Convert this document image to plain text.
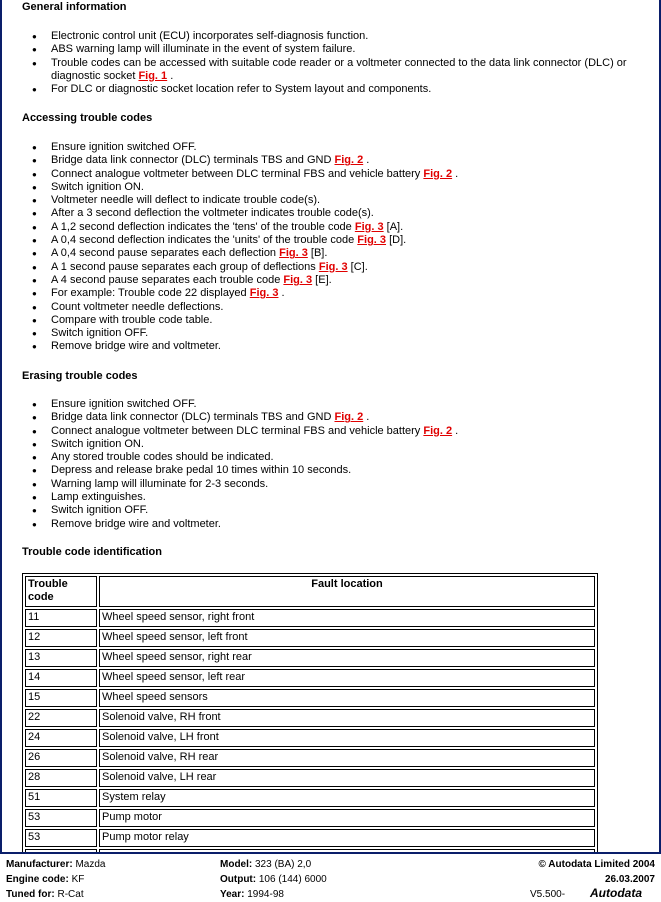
General information
● Electronic control unit (ECU) incorporates self-diagnosis function.
● ABS warning lamp will illuminate in the event of system failure.
● Trouble codes can be accessed with suitable code reader or a voltmeter connected to the data link connector (DLC) or diagnostic socket Fig. 1 .
● For DLC or diagnostic socket location refer to System layout and components.
Accessing trouble codes
● Ensure ignition switched OFF.
● Bridge data link connector (DLC) terminals TBS and GND Fig. 2 .
● Connect analogue voltmeter between DLC terminal FBS and vehicle battery Fig. 2 .
● Switch ignition ON.
● Voltmeter needle will deflect to indicate trouble code(s).
● After a 3 second deflection the voltmeter indicates trouble code(s).
● A 1,2 second deflection indicates the 'tens' of the trouble code Fig. 3 [A].
● A 0,4 second deflection indicates the 'units' of the trouble code Fig. 3 [D].
● A 0,4 second pause separates each deflection Fig. 3 [B].
● A 1 second pause separates each group of deflections Fig. 3 [C].
● A 4 second pause separates each trouble code Fig. 3 [E].
● For example: Trouble code 22 displayed Fig. 3 .
● Count voltmeter needle deflections.
● Compare with trouble code table.
● Switch ignition OFF.
● Remove bridge wire and voltmeter.
Erasing trouble codes
● Ensure ignition switched OFF.
● Bridge data link connector (DLC) terminals TBS and GND Fig. 2 .
● Connect analogue voltmeter between DLC terminal FBS and vehicle battery Fig. 2 .
● Switch ignition ON.
● Any stored trouble codes should be indicated.
● Depress and release brake pedal 10 times within 10 seconds.
● Warning lamp will illuminate for 2-3 seconds.
● Lamp extinguishes.
● Switch ignition OFF.
● Remove bridge wire and voltmeter.
Trouble code identification
Trouble code	Fault location
11	Wheel speed sensor, right front
12	Wheel speed sensor, left front
13	Wheel speed sensor, right rear
14	Wheel speed sensor, left rear
15	Wheel speed sensors
22	Solenoid valve, RH front
24	Solenoid valve, LH front
26	Solenoid valve, RH rear
28	Solenoid valve, LH rear
51	System relay
53	Pump motor
53	Pump motor relay

Manufacturer: Mazda
Engine code: KF
Tuned for: R-Cat
Model: 323 (BA) 2,0
Output: 106 (144) 6000
Year: 1994-98
© Autodata Limited 2004
26.03.2007
V5.500- Autodata
